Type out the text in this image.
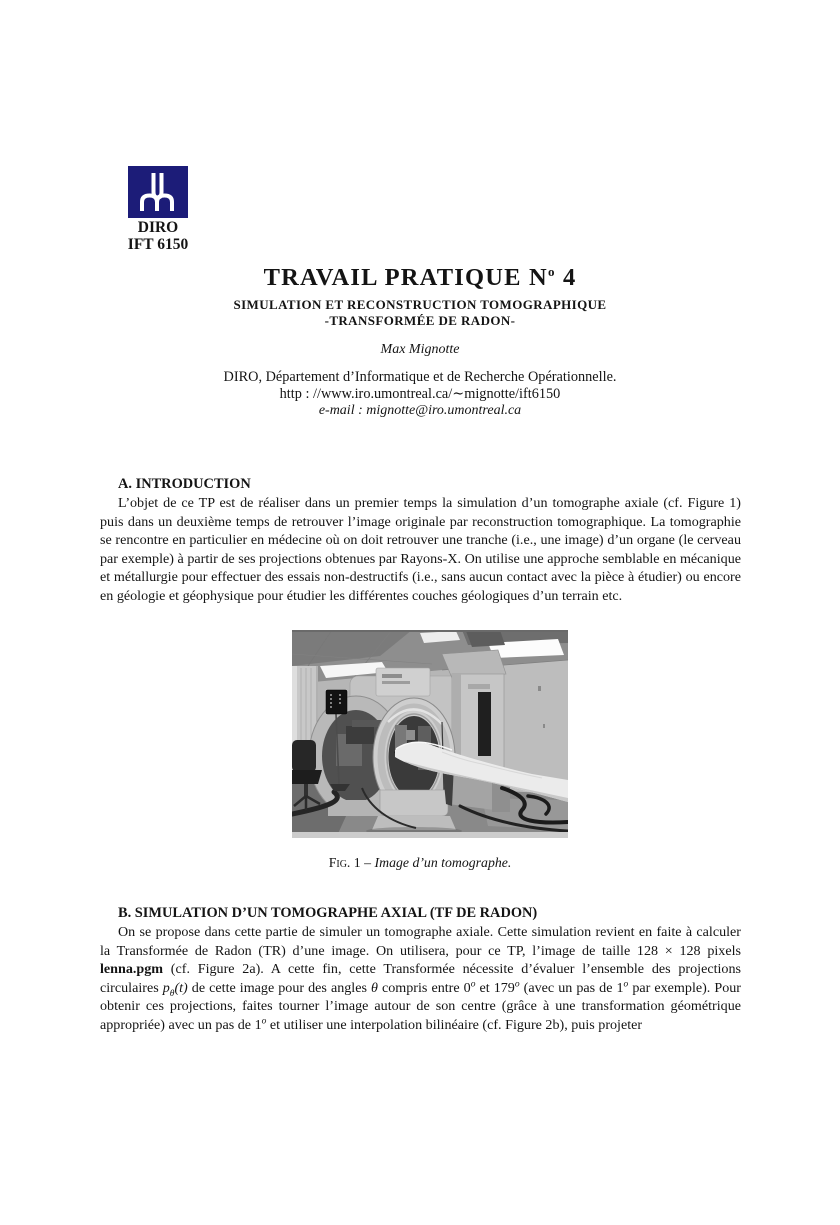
DIRO
IFT 6150
TRAVAIL PRATIQUE $N^o$ 4
SIMULATION ET RECONSTRUCTION TOMOGRAPHIQUE
-TRANSFORMÉE DE RADON-
Max Mignotte
DIRO, Département d’Informatique et de Recherche Opérationnelle.
http : //www.iro.umontreal.ca/∼mignotte/ift6150
e-mail : mignotte@iro.umontreal.ca
A. INTRODUCTION

L’objet de ce TP est de réaliser dans un premier temps la simulation d’un tomographe axiale (cf. Figure 1) puis dans un deuxième temps de retrouver l’image originale par reconstruction tomographique. La tomographie se rencontre en particulier en médecine où on doit retrouver une tranche (i.e., une image) d’un organe (le cerveau par exemple) à partir de ses projections obtenues par Rayons-X. On utilise une approche semblable en mécanique et métallurgie pour effectuer des essais non-destructifs (i.e., sans aucun contact avec la pièce à étudier) ou encore en géologie et géophysique pour étudier les différentes couches géologiques d’un terrain etc.

Fig. 1 – Image d’un tomographe.
B. SIMULATION D’UN TOMOGRAPHE AXIAL (TF DE RADON)

On se propose dans cette partie de simuler un tomographe axiale. Cette simulation revient en faite à calculer la Transformée de Radon (TR) d’une image. On utilisera, pour ce TP, l’image de taille 128 × 128 pixels lenna.pgm (cf. Figure 2a). A cette fin, cette Transformée nécessite d’évaluer l’ensemble des projections circulaires $p_\theta(t)$ de cette image pour des angles θ compris entre 0$^o$ et 179$^o$ (avec un pas de 1$^o$ par exemple). Pour obtenir ces projections, faites tourner l’image autour de son centre (grâce à une transformation géométrique appropriée) avec un pas de 1$^o$ et utiliser une interpolation bilinéaire (cf. Figure 2b), puis projeter
